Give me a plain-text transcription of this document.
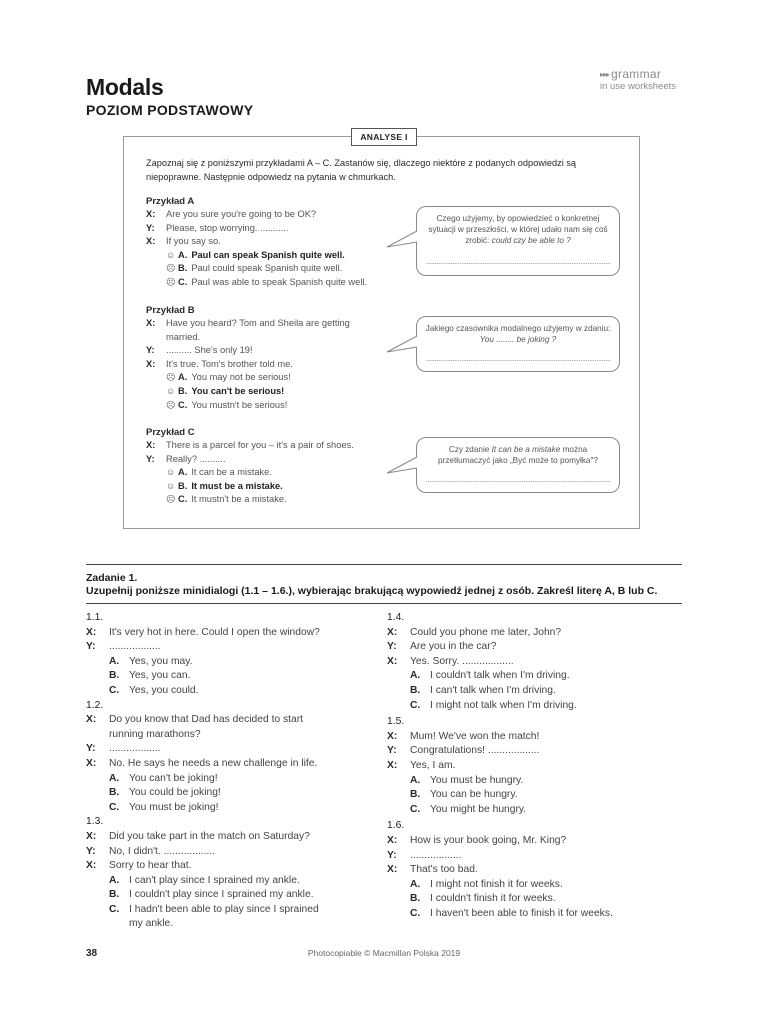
Modals
POZIOM PODSTAWOWY
▸▸▸ grammar
in use worksheets
ANALYSE I
Zapoznaj się z poniższymi przykładami A – C. Zastanów się, dlaczego niektóre z podanych odpowiedzi są niepoprawne. Następnie odpowiedz na pytania w chmurkach.
Przykład A
X: Are you sure you're going to be OK?
Y: Please, stop worrying. ...........
X: If you say so.
☺ A. Paul can speak Spanish quite well.
☹ B. Paul could speak Spanish quite well.
☹ C. Paul was able to speak Spanish quite well.
Czego użyjemy, by opowiedzieć o konkretnej sytuacji w przeszłości, w której udało nam się coś zrobić: could czy be able to ?
........................................................................................................
Przykład B
X: Have you heard? Tom and Sheila are getting
married.
Y: .......... She's only 19!
X: It's true. Tom's brother told me.
☹ A. You may not be serious!
☺ B. You can't be serious!
☹ C. You mustn't be serious!
Jakiego czasownika modalnego użyjemy w zdaniu: You ........ be joking ?
........................................................................................................
Przykład C
X: There is a parcel for you – it's a pair of shoes.
Y: Really? ..........
☺ A. It can be a mistake.
☺ B. It must be a mistake.
☹ C. It mustn't be a mistake.
Czy zdanie It can be a mistake można przetłumaczyć jako „Być może to pomyłka"?
........................................................................................................
Zadanie 1.
Uzupełnij poniższe minidialogi (1.1 – 1.6.), wybierając brakującą wypowiedź jednej z osób. Zakreśl literę A, B lub C.
1.1.
X: It's very hot in here. Could I open the window?
Y: ..................
A. Yes, you may.
B. Yes, you can.
C. Yes, you could.
1.2.
X: Do you know that Dad has decided to start
running marathons?
Y: ..................
X: No. He says he needs a new challenge in life.
A. You can't be joking!
B. You could be joking!
C. You must be joking!
1.3.
X: Did you take part in the match on Saturday?
Y: No, I didn't. ..................
X: Sorry to hear that.
A. I can't play since I sprained my ankle.
B. I couldn't play since I sprained my ankle.
C. I hadn't been able to play since I sprained
my ankle.
1.4.
X: Could you phone me later, John?
Y: Are you in the car?
X: Yes. Sorry. ..................
A. I couldn't talk when I'm driving.
B. I can't talk when I'm driving.
C. I might not talk when I'm driving.
1.5.
X: Mum! We've won the match!
Y: Congratulations! ..................
X: Yes, I am.
A. You must be hungry.
B. You can be hungry.
C. You might be hungry.
1.6.
X: How is your book going, Mr. King?
Y: ..................
X: That's too bad.
A. I might not finish it for weeks.
B. I couldn't finish it for weeks.
C. I haven't been able to finish it for weeks.
38	Photocopiable © Macmillan Polska 2019
